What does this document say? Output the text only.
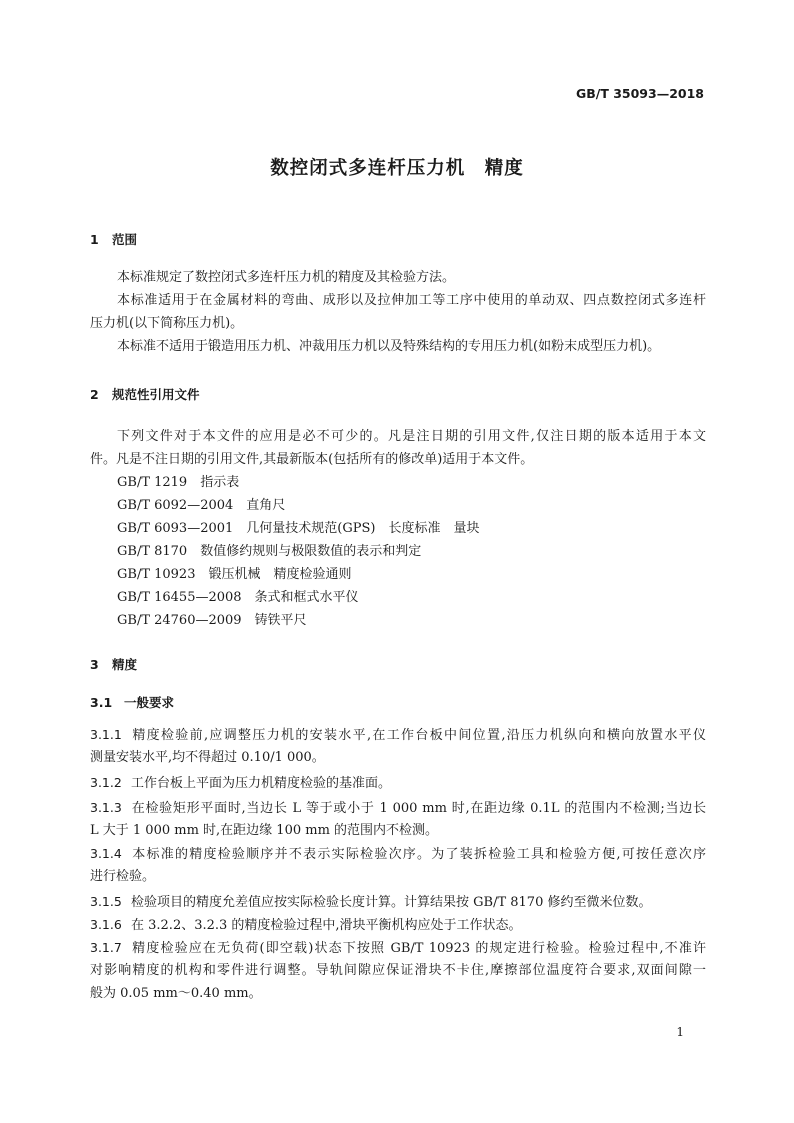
GB/T 35093—2018
数控闭式多连杆压力机　精度
1 范围
本标准规定了数控闭式多连杆压力机的精度及其检验方法。
本标准适用于在金属材料的弯曲、成形以及拉伸加工等工序中使用的单动双、四点数控闭式多连杆
压力机(以下简称压力机)。
本标准不适用于锻造用压力机、冲裁用压力机以及特殊结构的专用压力机(如粉末成型压力机)。
2 规范性引用文件
下列文件对于本文件的应用是必不可少的。凡是注日期的引用文件,仅注日期的版本适用于本文
件。凡是不注日期的引用文件,其最新版本(包括所有的修改单)适用于本文件。
GB/T 1219　指示表
GB/T 6092—2004　直角尺
GB/T 6093—2001　几何量技术规范(GPS)　长度标准　量块
GB/T 8170　数值修约规则与极限数值的表示和判定
GB/T 10923　锻压机械　精度检验通则
GB/T 16455—2008　条式和框式水平仪
GB/T 24760—2009　铸铁平尺
3 精度
3.1 一般要求
3.1.1 精度检验前,应调整压力机的安装水平,在工作台板中间位置,沿压力机纵向和横向放置水平仪
测量安装水平,均不得超过 0.10/1 000。
3.1.2 工作台板上平面为压力机精度检验的基准面。
3.1.3 在检验矩形平面时,当边长 L 等于或小于 1 000 mm 时,在距边缘 0.1L 的范围内不检测;当边长
L 大于 1 000 mm 时,在距边缘 100 mm 的范围内不检测。
3.1.4 本标准的精度检验顺序并不表示实际检验次序。为了装拆检验工具和检验方便,可按任意次序
进行检验。
3.1.5 检验项目的精度允差值应按实际检验长度计算。计算结果按 GB/T 8170 修约至微米位数。
3.1.6 在 3.2.2、3.2.3 的精度检验过程中,滑块平衡机构应处于工作状态。
3.1.7 精度检验应在无负荷(即空载)状态下按照 GB/T 10923 的规定进行检验。检验过程中,不准许
对影响精度的机构和零件进行调整。导轨间隙应保证滑块不卡住,摩擦部位温度符合要求,双面间隙一
般为 0.05 mm～0.40 mm。
1
